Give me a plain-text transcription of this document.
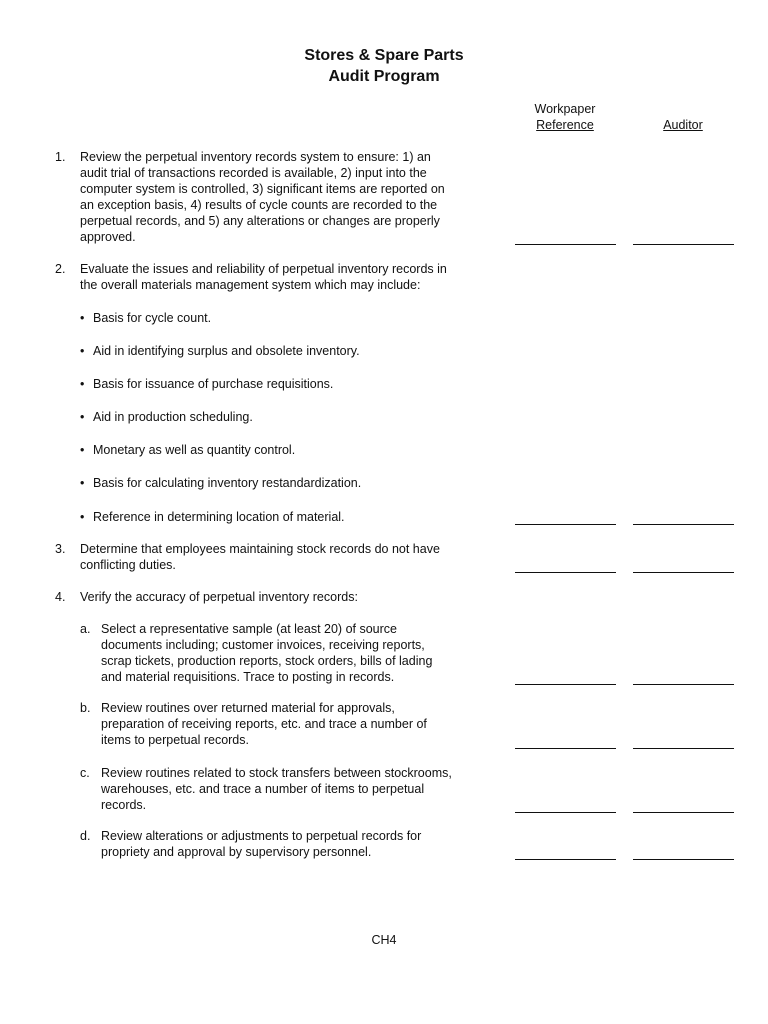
Stores & Spare Parts
Audit Program
Workpaper
Reference	Auditor
1. Review the perpetual inventory records system to ensure: 1) an
audit trial of transactions recorded is available, 2) input into the
computer system is controlled, 3) significant items are reported on
an exception basis, 4) results of cycle counts are recorded to the
perpetual records, and 5) any alterations or changes are properly
approved.
2. Evaluate the issues and reliability of perpetual inventory records in
the overall materials management system which may include:
• Basis for cycle count.
• Aid in identifying surplus and obsolete inventory.
• Basis for issuance of purchase requisitions.
• Aid in production scheduling.
• Monetary as well as quantity control.
• Basis for calculating inventory restandardization.
• Reference in determining location of material.
3. Determine that employees maintaining stock records do not have
conflicting duties.
4. Verify the accuracy of perpetual inventory records:
a. Select a representative sample (at least 20) of source
documents including; customer invoices, receiving reports,
scrap tickets, production reports, stock orders, bills of lading
and material requisitions. Trace to posting in records.
b. Review routines over returned material for approvals,
preparation of receiving reports, etc. and trace a number of
items to perpetual records.
c. Review routines related to stock transfers between stockrooms,
warehouses, etc. and trace a number of items to perpetual
records.
d. Review alterations or adjustments to perpetual records for
propriety and approval by supervisory personnel.
CH4
